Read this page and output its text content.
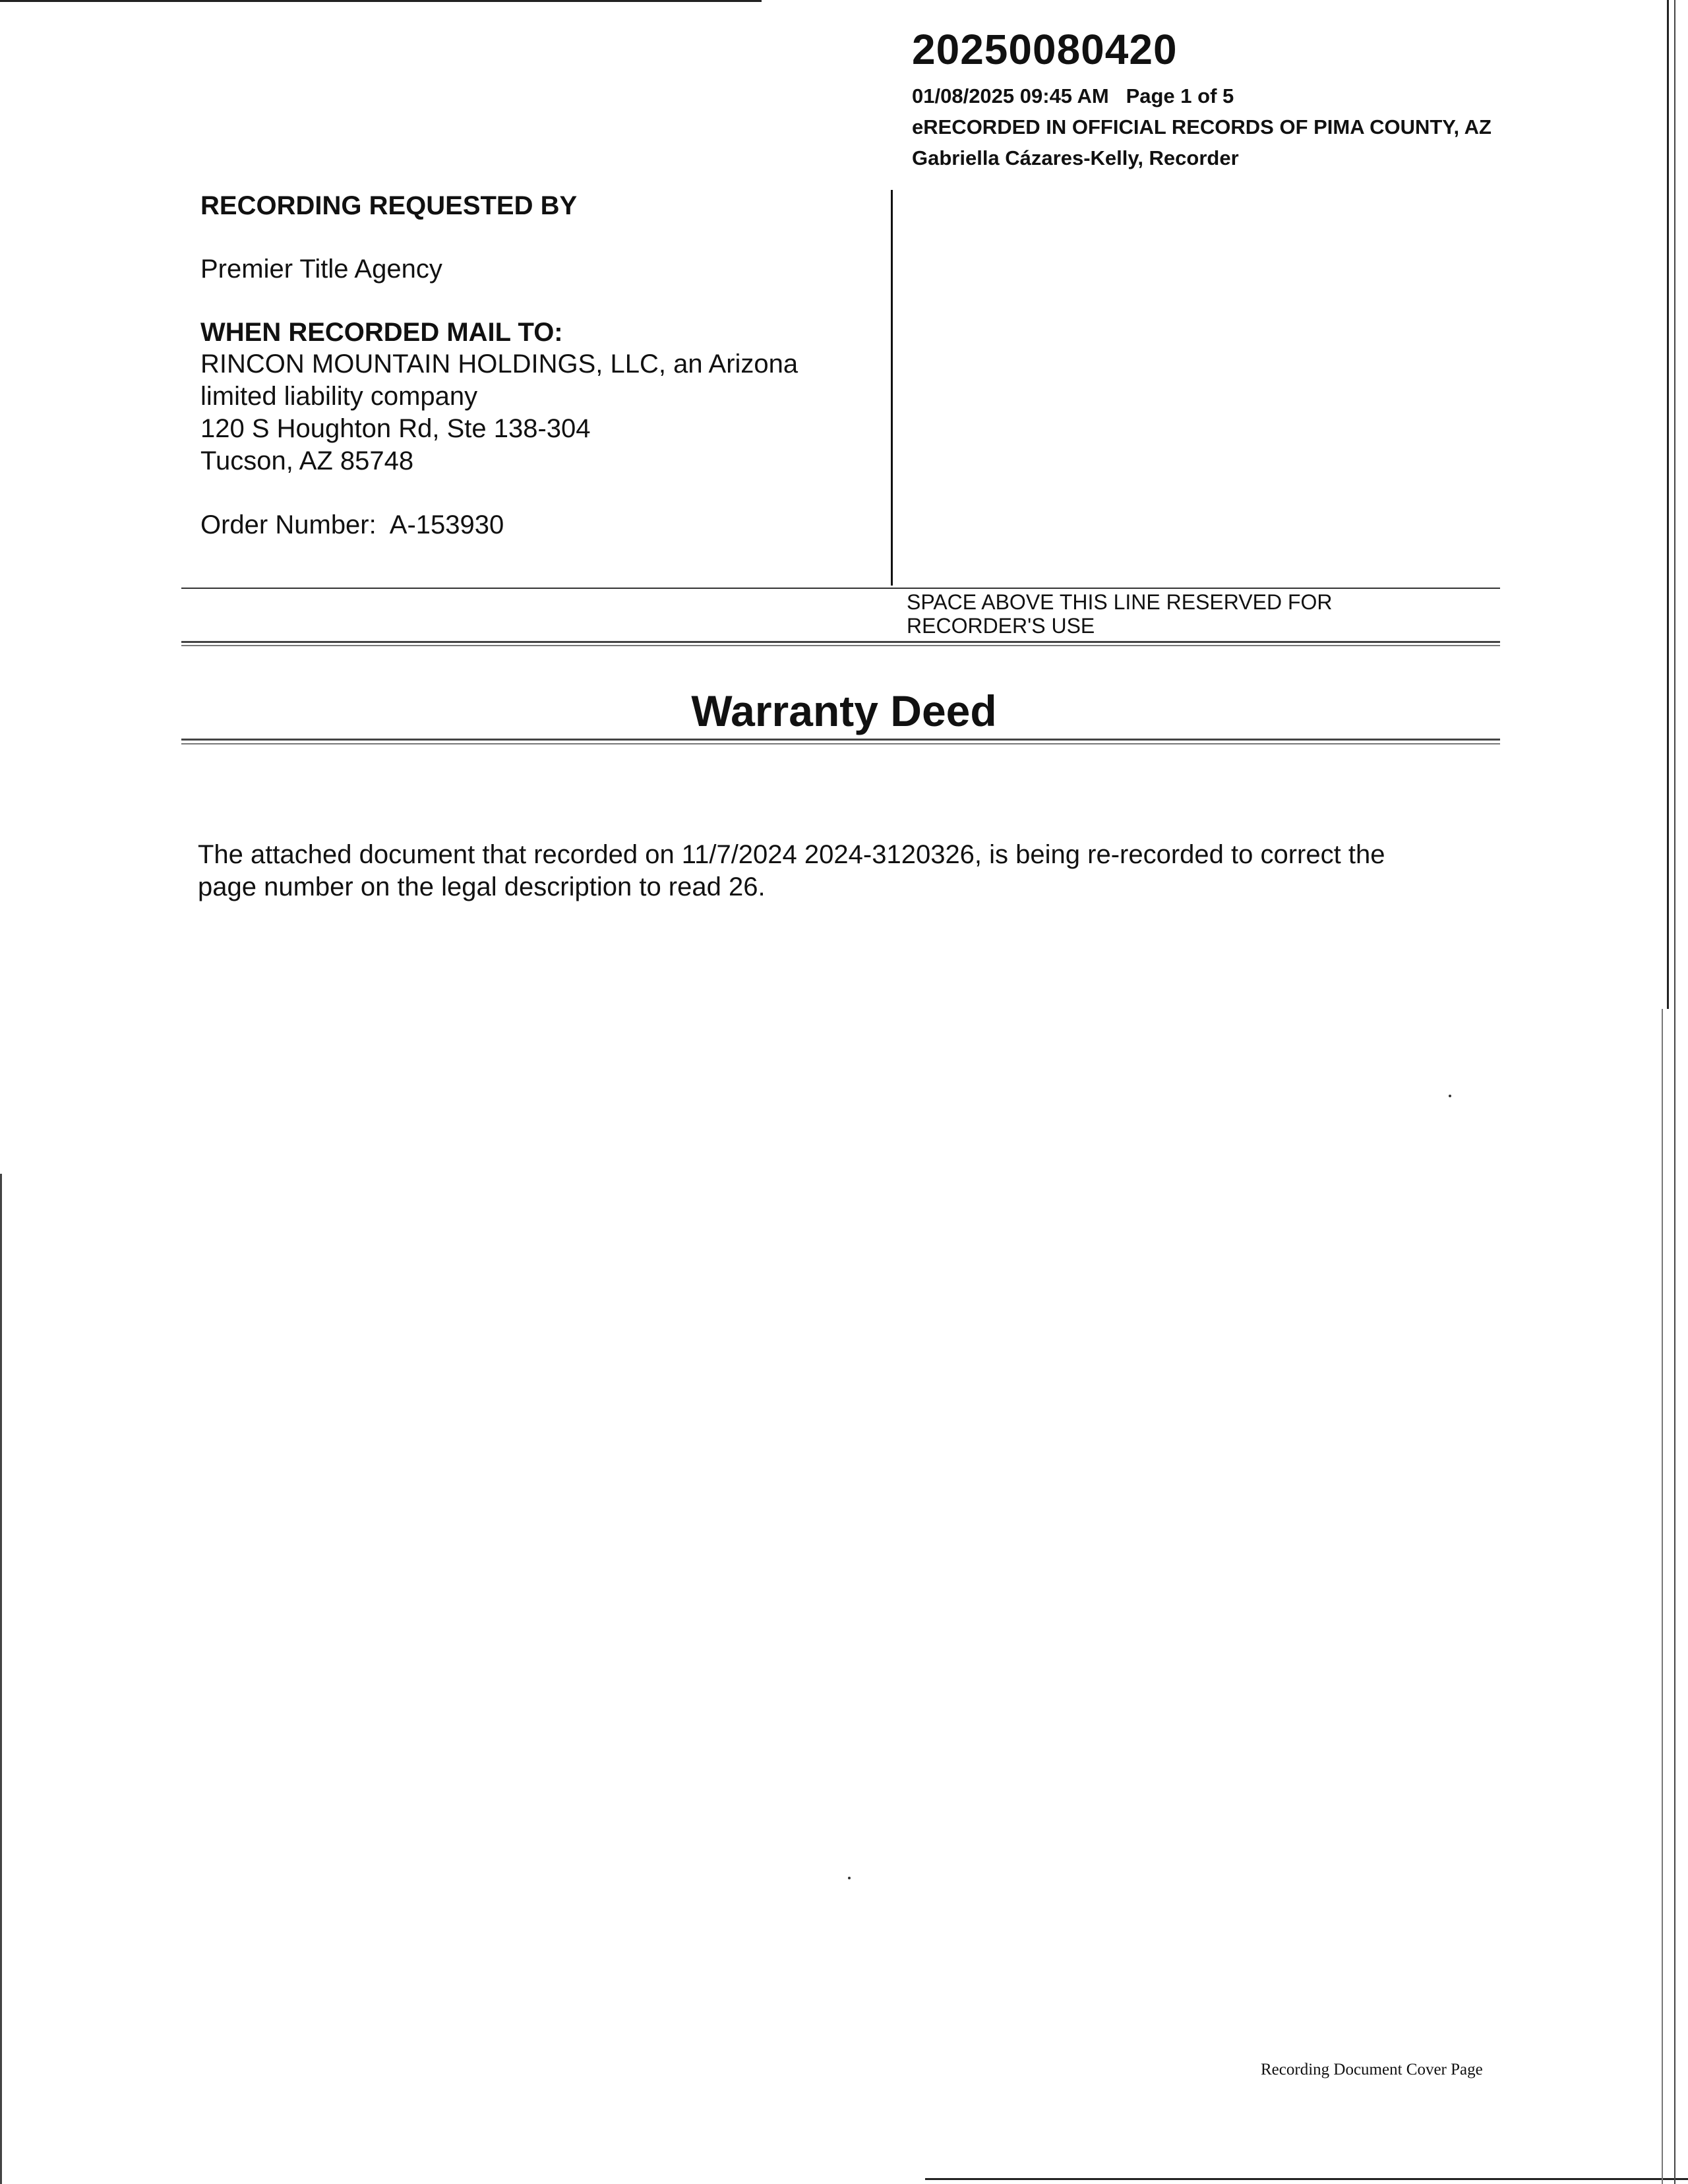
20250080420
01/08/2025 09:45 AM Page 1 of 5
eRECORDED IN OFFICIAL RECORDS OF PIMA COUNTY, AZ
Gabriella Cázares-Kelly, Recorder
RECORDING REQUESTED BY
Premier Title Agency
WHEN RECORDED MAIL TO:
RINCON MOUNTAIN HOLDINGS, LLC, an Arizona
limited liability company
120 S Houghton Rd, Ste 138-304
Tucson, AZ 85748
Order Number: A-153930
SPACE ABOVE THIS LINE RESERVED FOR
RECORDER'S USE
Warranty Deed
The attached document that recorded on 11/7/2024 2024-3120326, is being re-recorded to correct the
page number on the legal description to read 26.
Recording Document Cover Page
